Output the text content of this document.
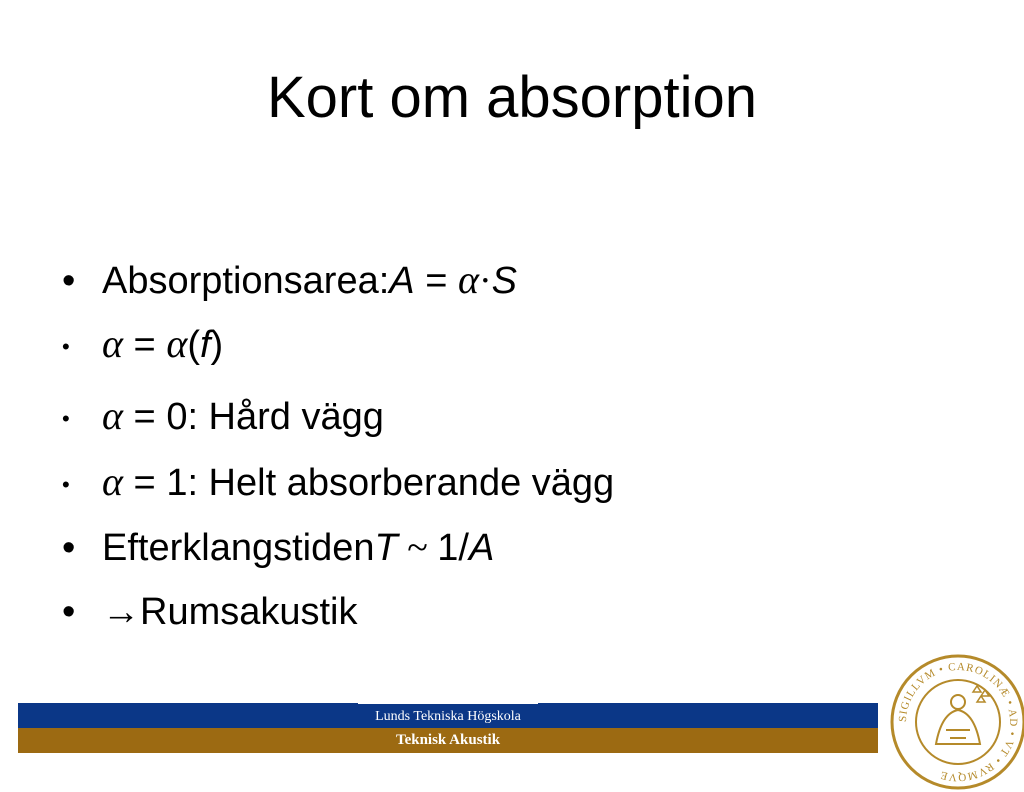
Kort om absorption
• Absorptionsarea:A = α·S
• α = α(f)
• α = 0: Hård vägg
• α = 1: Helt absorberande vägg
• EfterklangstidenT ~ 1/A
• →Rumsakustik
Lunds Tekniska Högskola
Teknisk Akustik
SIGILLVM • CAROLINÆ • AD • VT • RVMQVE
